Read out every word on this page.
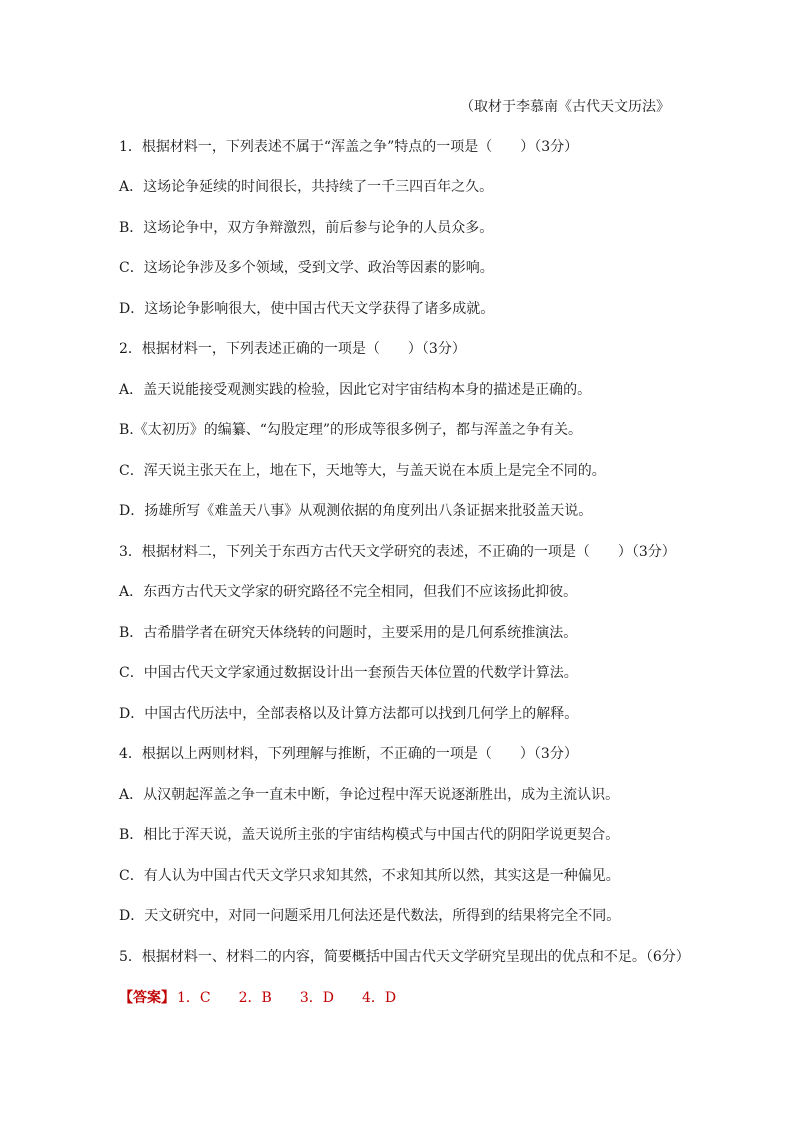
（取材于李慕南《古代天文历法》
1．根据材料一，下列表述不属于“浑盖之争”特点的一项是（　　）（3分）
A．这场论争延续的时间很长，共持续了一千三四百年之久。
B．这场论争中，双方争辩激烈，前后参与论争的人员众多。
C．这场论争涉及多个领域，受到文学、政治等因素的影响。
D．这场论争影响很大，使中国古代天文学获得了诸多成就。
2．根据材料一，下列表述正确的一项是（　　）（3分）
A．盖天说能接受观测实践的检验，因此它对宇宙结构本身的描述是正确的。
B.《太初历》的编纂、“勾股定理”的形成等很多例子，都与浑盖之争有关。
C．浑天说主张天在上，地在下，天地等大，与盖天说在本质上是完全不同的。
D．扬雄所写《难盖天八事》从观测依据的角度列出八条证据来批驳盖天说。
3．根据材料二，下列关于东西方古代天文学研究的表述，不正确的一项是（　　）（3分）
A．东西方古代天文学家的研究路径不完全相同，但我们不应该扬此抑彼。
B．古希腊学者在研究天体绕转的问题时，主要采用的是几何系统推演法。
C．中国古代天文学家通过数据设计出一套预告天体位置的代数学计算法。
D．中国古代历法中，全部表格以及计算方法都可以找到几何学上的解释。
4．根据以上两则材料，下列理解与推断，不正确的一项是（　　）（3分）
A．从汉朝起浑盖之争一直未中断，争论过程中浑天说逐渐胜出，成为主流认识。
B．相比于浑天说，盖天说所主张的宇宙结构模式与中国古代的阴阳学说更契合。
C．有人认为中国古代天文学只求知其然，不求知其所以然，其实这是一种偏见。
D．天文研究中，对同一问题采用几何法还是代数法，所得到的结果将完全不同。
5．根据材料一、材料二的内容，简要概括中国古代天文学研究呈现出的优点和不足。（6分）
【答案】 1．C　　2．B　　3．D　　4．D
